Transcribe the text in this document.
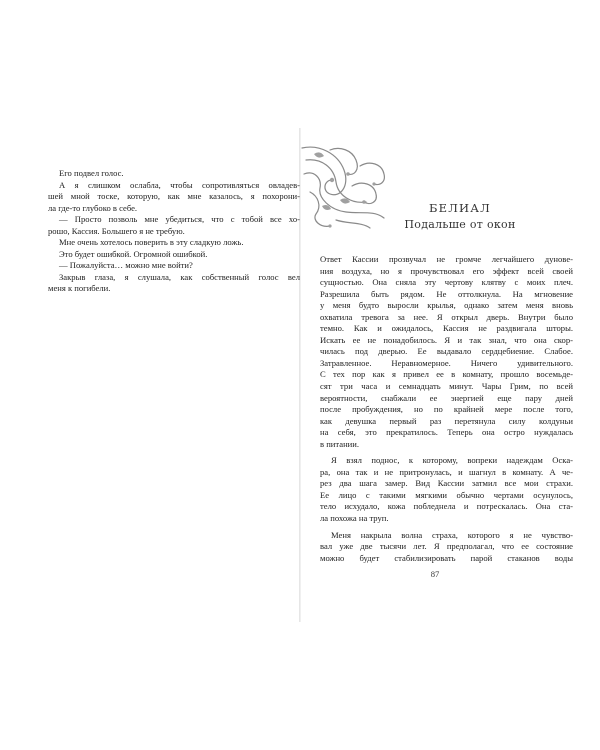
Его подвел голос.

А я слишком ослабла, чтобы сопротивляться овладев-

шей мной тоске, которую, как мне казалось, я похорони-

ла где-то глубоко в себе.

— Просто позволь мне убедиться, что с тобой все хо-

рошо, Кассия. Большего я не требую.

Мне очень хотелось поверить в эту сладкую ложь.

Это будет ошибкой. Огромной ошибкой.

— Пожалуйста… можно мне войти?

Закрыв глаза, я слушала, как собственный голос вел

меня к погибели.

БЕЛИАЛ
Подальше от окон

Ответ Кассии прозвучал не громче легчайшего дунове-

ния воздуха, но я прочувствовал его эффект всей своей

сущностью. Она сняла эту чертову клятву с моих плеч.

Разрешила быть рядом. Не оттолкнула. На мгновение

у меня будто выросли крылья, однако затем меня вновь

охватила тревога за нее. Я открыл дверь. Внутри было

темно. Как и ожидалось, Кассия не раздвигала шторы.

Искать ее не понадобилось. Я и так знал, что она скор-

чилась под дверью. Ее выдавало сердцебиение. Слабое.

Затравленное. Неравномерное. Ничего удивительного.

С тех пор как я привел ее в комнату, прошло восемьде-

сят три часа и семнадцать минут. Чары Грим, по всей

вероятности, снабжали ее энергией еще пару дней

после пробуждения, но по крайней мере после того,

как девушка первый раз перетянула силу колдуньи

на себя, это прекратилось. Теперь она остро нуждалась

в питании.

Я взял поднос, к которому, вопреки надеждам Оска-

ра, она так и не притронулась, и шагнул в комнату. А че-

рез два шага замер. Вид Кассии затмил все мои страхи.

Ее лицо с такими мягкими обычно чертами осунулось,

тело исхудало, кожа побледнела и потрескалась. Она ста-

ла похожа на труп.

Меня накрыла волна страха, которого я не чувство-

вал уже две тысячи лет. Я предполагал, что ее состояние

можно будет стабилизировать парой стаканов воды

87
